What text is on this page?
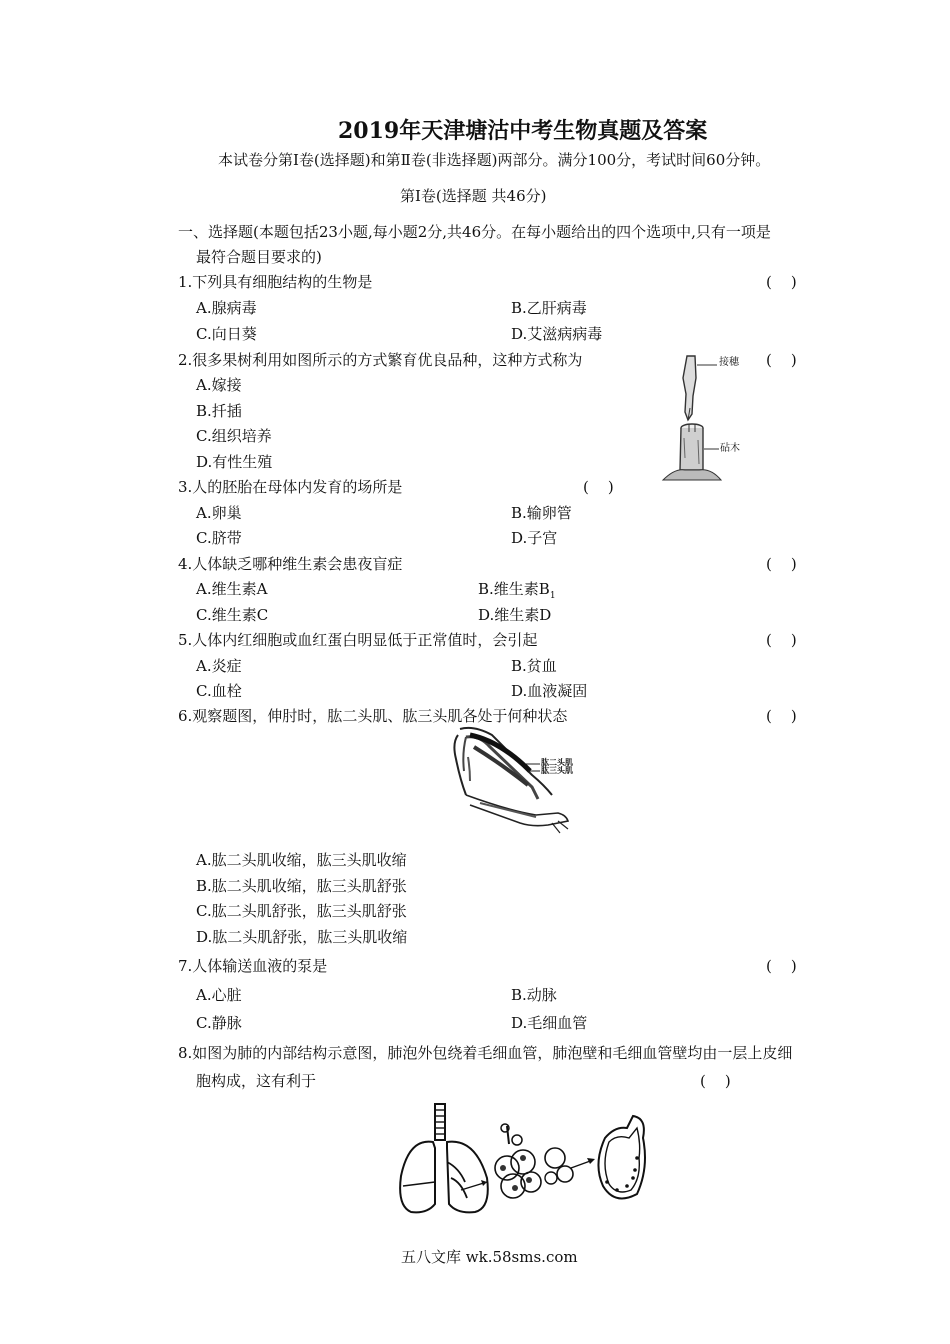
2019年天津塘沽中考生物真题及答案
本试卷分第Ⅰ卷(选择题)和第Ⅱ卷(非选择题)两部分。满分100分，考试时间60分钟。
第Ⅰ卷(选择题 共46分)
一、选择题(本题包括23小题,每小题2分,共46分。在每小题给出的四个选项中,只有一项是
最符合题目要求的)
1.下列具有细胞结构的生物是	(    )
A.腺病毒	B.乙肝病毒
C.向日葵	D.艾滋病病毒
2.很多果树利用如图所示的方式繁育优良品种，这种方式称为	(    )
A.嫁接
B.扦插
C.组织培养
D.有性生殖
接穗
砧木
3.人的胚胎在母体内发育的场所是	(    )
A.卵巢	B.输卵管
C.脐带	D.子宫
4.人体缺乏哪种维生素会患夜盲症	(    )
A.维生素A	B.维生素$B_1$
C.维生素C	D.维生素D
5.人体内红细胞或血红蛋白明显低于正常值时，会引起	(    )
A.炎症	B.贫血
C.血栓	D.血液凝固
6.观察题图，伸肘时，肱二头肌、肱三头肌各处于何种状态	(    )
肱二头肌
肱三头肌
A.肱二头肌收缩，肱三头肌收缩
B.肱二头肌收缩，肱三头肌舒张
C.肱二头肌舒张，肱三头肌舒张
D.肱二头肌舒张，肱三头肌收缩
7.人体输送血液的泵是	(    )
A.心脏	B.动脉
C.静脉	D.毛细血管
8.如图为肺的内部结构示意图，肺泡外包绕着毛细血管，肺泡壁和毛细血管壁均由一层上皮细
胞构成，这有利于	(    )
五八文库 wk.58sms.com
